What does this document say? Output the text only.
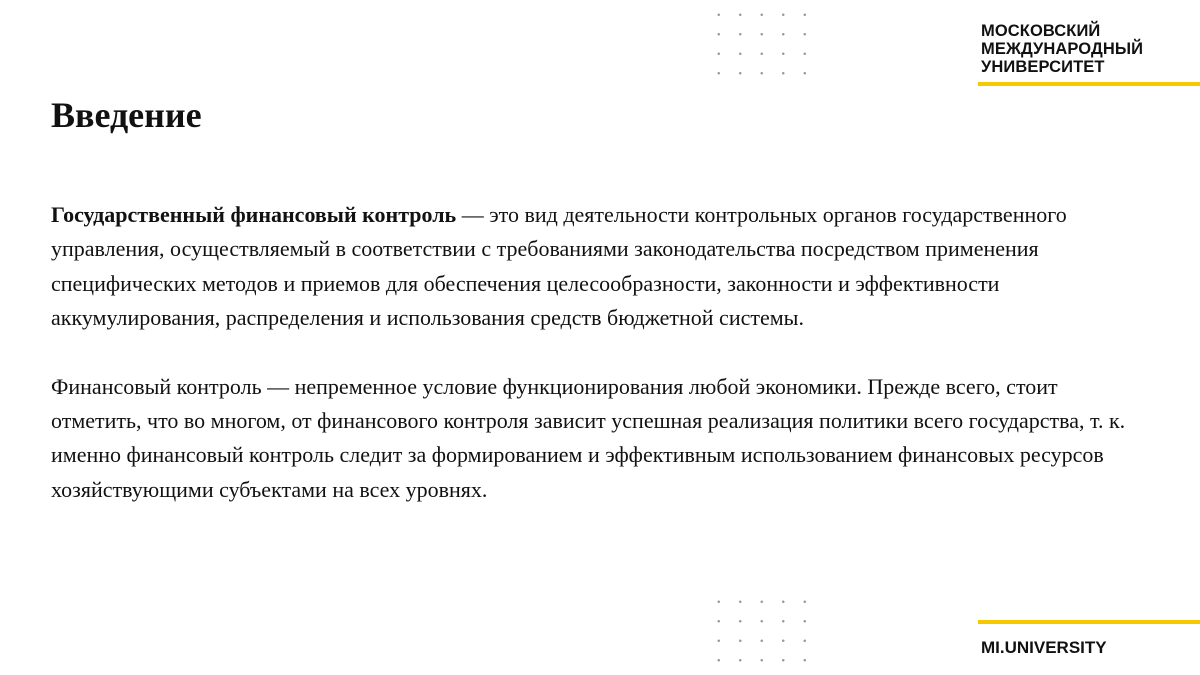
МОСКОВСКИЙ
МЕЖДУНАРОДНЫЙ
УНИВЕРСИТЕТ
Введение

Государственный финансовый контроль — это вид деятельности контрольных органов государственного управления, осуществляемый в соответствии с требованиями законодательства посредством применения специфических методов и приемов для обеспечения целесообразности, законности и эффективности аккумулирования, распределения и использования средств бюджетной системы.

Финансовый контроль — непременное условие функционирования любой экономики. Прежде всего, стоит отметить, что во многом, от финансового контроля зависит успешная реализация политики всего государства, т. к. именно финансовый контроль следит за формированием и эффективным использованием финансовых ресурсов хозяйствующими субъектами на всех уровнях.

MI.UNIVERSITY
